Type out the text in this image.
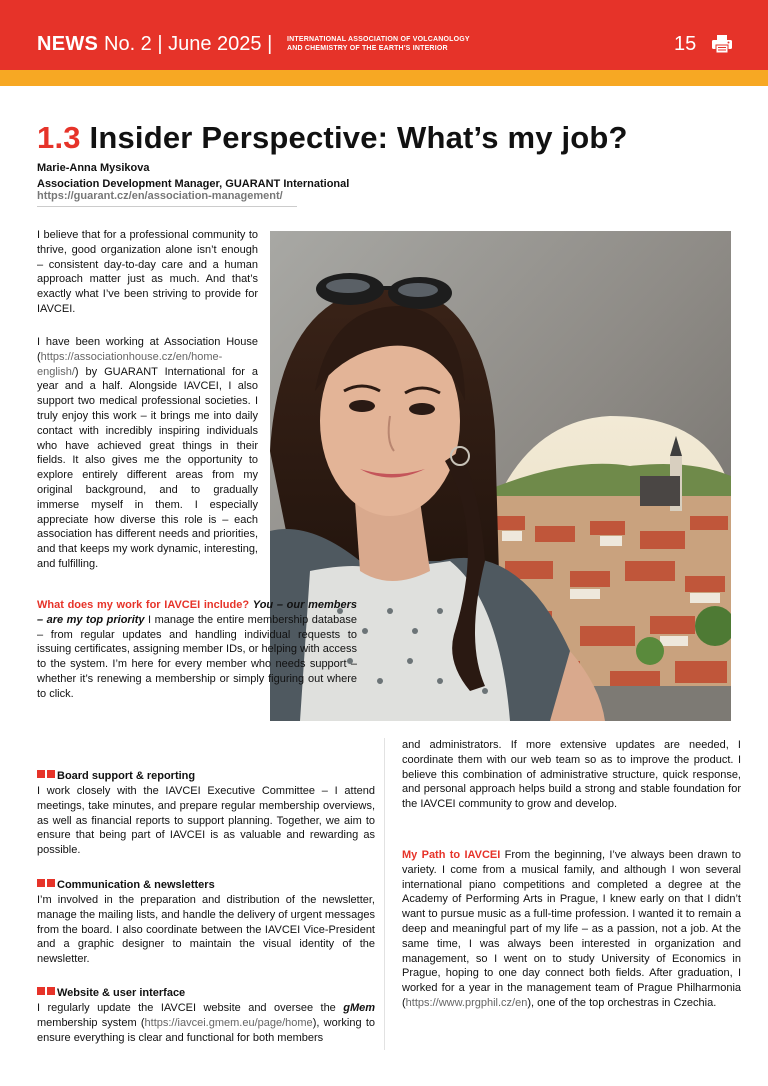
NEWS No. 2 | June 2025 | INTERNATIONAL ASSOCIATION OF VOLCANOLOGY
AND CHEMISTRY OF THE EARTH'S INTERIOR	15
1.3 Insider Perspective: What’s my job?
Marie-Anna Mysikova
Association Development Manager, GUARANT International
https://guarant.cz/en/association-management/

I believe that for a professional community to thrive, good organization alone isn’t enough – consistent day-to-day care and a human approach matter just as much. And that’s exactly what I’ve been striving to provide for IAVCEI.

I have been working at Association House (https://associationhouse.cz/en/home-english/) by GUARANT International for a year and a half. Alongside IAVCEI, I also support two medical professional societies. I truly enjoy this work – it brings me into daily contact with incredibly inspiring individuals who have achieved great things in their fields. It also gives me the opportunity to explore entirely different areas from my original background, and to gradually immerse myself in them. I especially appreciate how diverse this role is – each association has different needs and priorities, and that keeps my work dynamic, interesting, and fulfilling.

What does my work for IAVCEI include? You – our members – are my top priority I manage the entire membership database – from regular updates and handling individual requests to issuing certificates, assigning member IDs, or helping with access to the system. I’m here for every member who needs support – whether it’s renewing a membership or simply figuring out where to click.

Board support & reporting

I work closely with the IAVCEI Executive Committee – I attend meetings, take minutes, and prepare regular membership overviews, as well as financial reports to support planning. Together, we aim to ensure that being part of IAVCEI is as valuable and rewarding as possible.

Communication & newsletters

I’m involved in the preparation and distribution of the newsletter, manage the mailing lists, and handle the delivery of urgent messages from the board. I also coordinate between the IAVCEI Vice-President and a graphic designer to maintain the visual identity of the newsletter.

Website & user interface

I regularly update the IAVCEI website and oversee the gMem membership system (https://iavcei.gmem.eu/page/home), working to ensure everything is clear and functional for both members

and administrators. If more extensive updates are needed, I coordinate them with our web team so as to improve the product. I believe this combination of administrative structure, quick response, and personal approach helps build a strong and stable foundation for the IAVCEI community to grow and develop.

My Path to IAVCEI From the beginning, I’ve always been drawn to variety. I come from a musical family, and although I won several international piano competitions and completed a degree at the Academy of Performing Arts in Prague, I knew early on that I didn’t want to pursue music as a full-time profession. I wanted it to remain a deep and meaningful part of my life – as a passion, not a job. At the same time, I was always been interested in organization and management, so I went on to study University of Economics in Prague, hoping to one day connect both fields. After graduation, I worked for a year in the management team of Prague Philharmonia (https://www.prgphil.cz/en), one of the top orchestras in Czechia.
